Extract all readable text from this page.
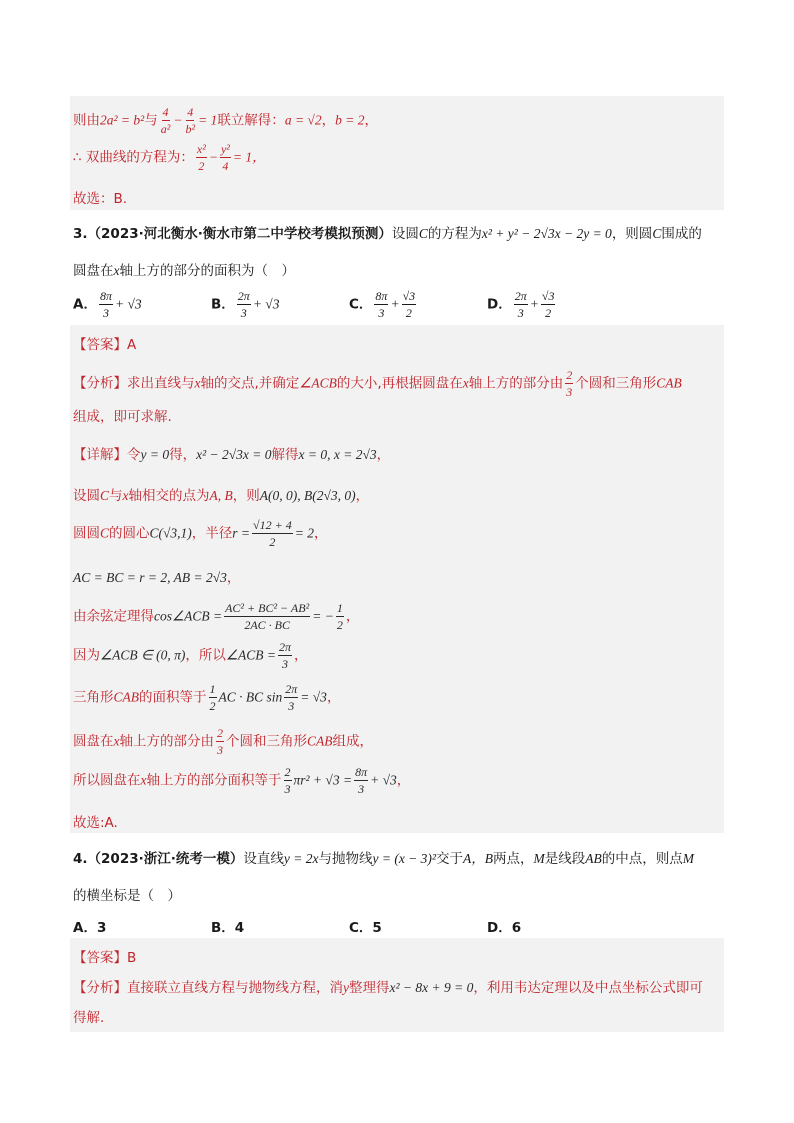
则由2a² = b²与 $\frac{4}{\text{a²}} - \frac{4}{\text{b²}} = 1$联立解得：a = √2，b = 2，
∴ 双曲线的方程为： $\frac{\text{x²}}{2} - \frac{\text{y²}}{4} = 1$，
故选：B.
3.（2023·河北衡水·衡水市第二中学校考模拟预测）设圆C的方程为x² + y² − 2√3x − 2y = 0，则圆C围成的
圆盘在x轴上方的部分的面积为（　）
A． $\frac{8\pi}{3} + √3$	B． $\frac{2\pi}{3} + √3$	C． $\frac{8\pi}{3} + \frac{√3}{2}$	D． $\frac{2\pi}{3} + \frac{√3}{2}$
【答案】A
【分析】求出直线与x轴的交点,并确定∠ACB的大小,再根据圆盘在x轴上方的部分由 $\frac{2}{3}$ 个圆和三角形CAB
组成，即可求解.
【详解】令y = 0得，x² − 2√3x = 0解得x = 0, x = 2√3，
设圆C与x轴相交的点为A, B，则A(0, 0), B(2√3, 0)，
圆圆C的圆心C(√3,1)，半径$r = \frac{√12 + 4}{2} = 2$，
AC = BC = r = 2, AB = 2√3，
由余弦定理得cos∠ACB = $\frac{\text{AC² + BC² − AB²}}{2AC \cdot BC}$ = − $\frac{1}{2}$ ，
因为∠ACB ∈ (0, π)，所以∠ACB = $\frac{2\pi}{3}$ ，
三角形CAB的面积等于 $\frac{1}{2}$ AC · BC $\sin \frac{2\pi}{3} = √3$，
圆盘在x轴上方的部分由 $\frac{2}{3}$ 个圆和三角形CAB组成，
所以圆盘在x轴上方的部分面积等于 $\frac{2}{3} \pi r^2 + √3 = \frac{8\pi}{3} + √3$，
故选:A.
4.（2023·浙江·统考一模）设直线y = 2x与抛物线y = (x − 3)²交于A，B两点，M是线段AB的中点，则点M
的横坐标是（　）
A．3	B．4	C．5	D．6
【答案】B
【分析】直接联立直线方程与抛物线方程，消y整理得x² − 8x + 9 = 0，利用韦达定理以及中点坐标公式即可
得解.
